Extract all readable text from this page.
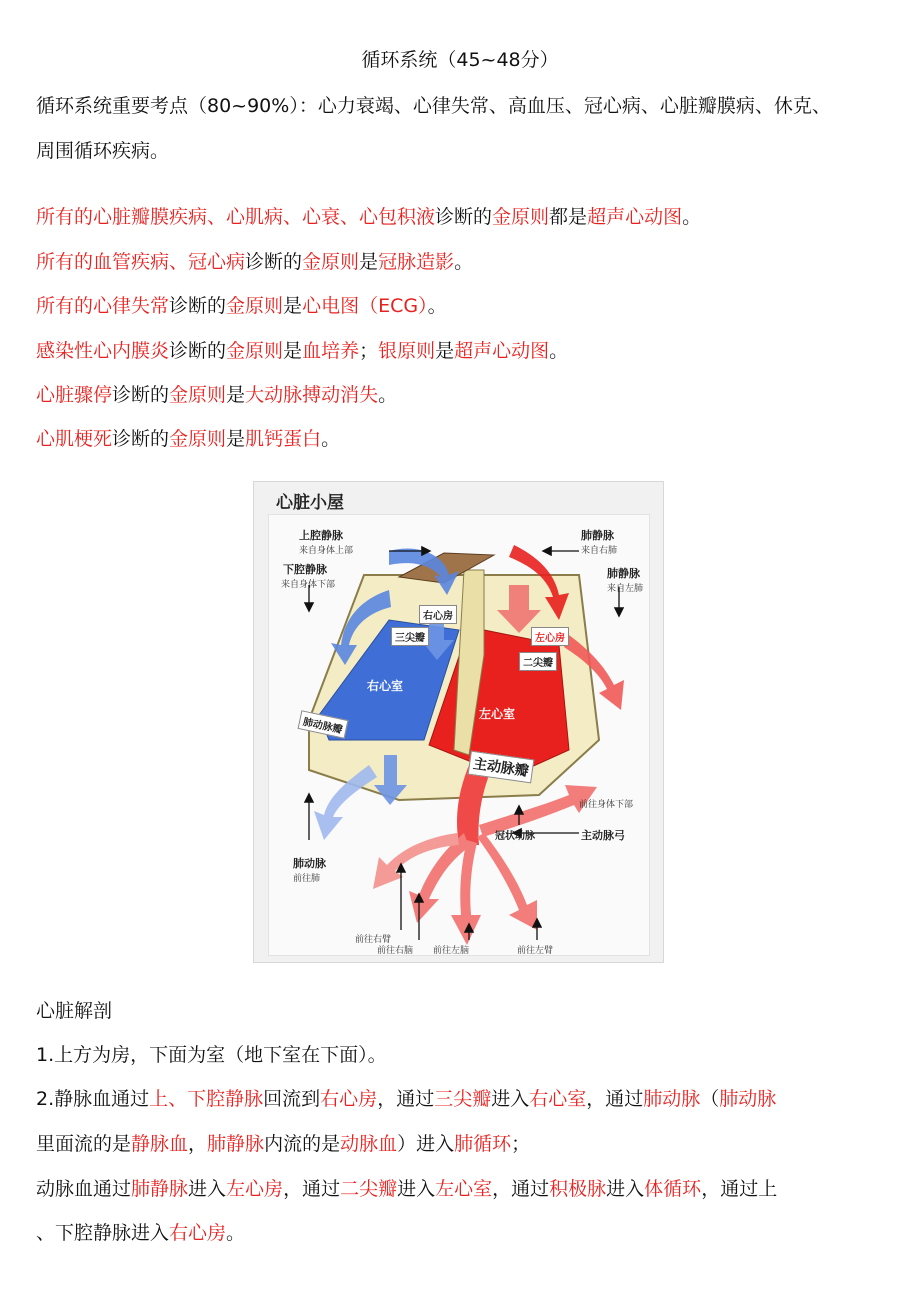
循环系统（45~48分）
循环系统重要考点（80~90%）：心力衰竭、心律失常、高血压、冠心病、心脏瓣膜病、休克、
周围循环疾病。
所有的心脏瓣膜疾病、心肌病、心衰、心包积液诊断的金原则都是超声心动图。
所有的血管疾病、冠心病诊断的金原则是冠脉造影。
所有的心律失常诊断的金原则是心电图（ECG）。
感染性心内膜炎诊断的金原则是血培养；银原则是超声心动图。
心脏骤停诊断的金原则是大动脉搏动消失。
心肌梗死诊断的金原则是肌钙蛋白。
心脏小屋
上腔静脉
来自身体上部
下腔静脉
来自身体下部
肺静脉
来自右肺
肺静脉
来自左肺
右心房
左心房
三尖瓣
二尖瓣
右心室
左心室
肺动脉瓣
主动脉瓣
前往身体下部
冠状动脉	主动脉弓
肺动脉
前往肺
前往右臂
前往右脑 前往左脑	前往左臂
心脏解剖
1.上方为房，下面为室（地下室在下面）。
2.静脉血通过上、下腔静脉回流到右心房，通过三尖瓣进入右心室，通过肺动脉（肺动脉
里面流的是静脉血，肺静脉内流的是动脉血）进入肺循环；
动脉血通过肺静脉进入左心房，通过二尖瓣进入左心室，通过积极脉进入体循环，通过上
、下腔静脉进入右心房。
